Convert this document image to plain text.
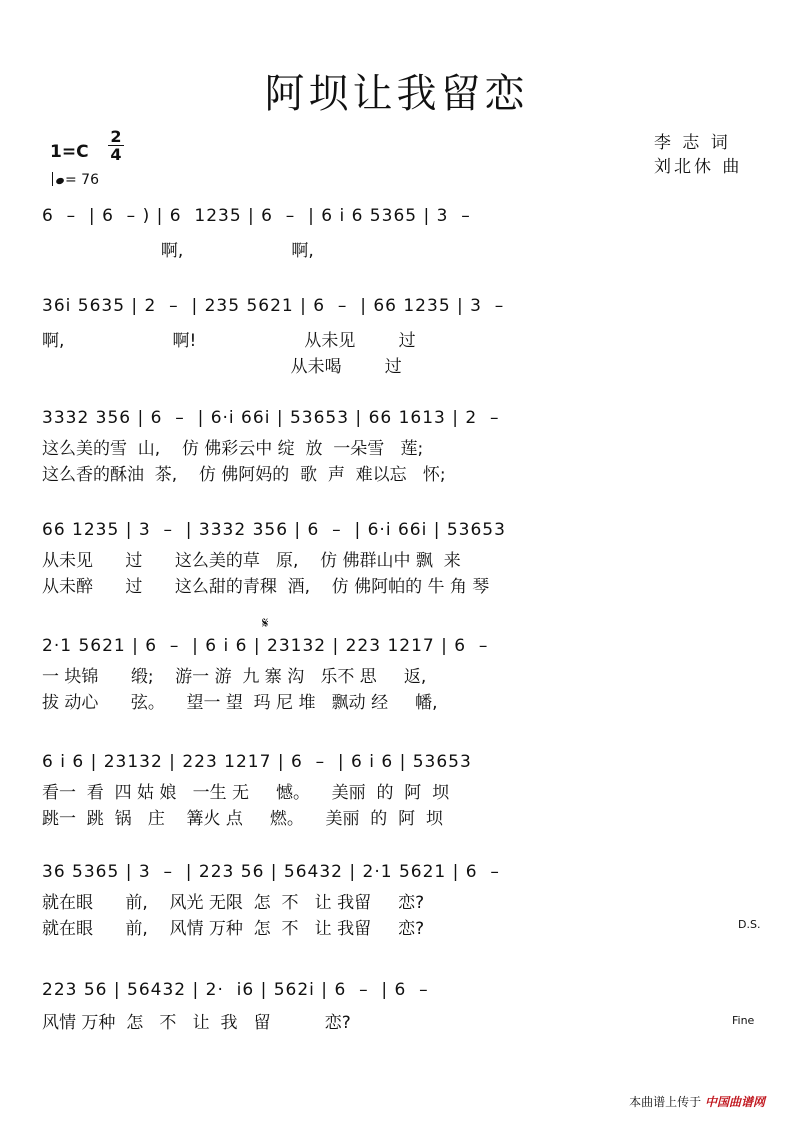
阿坝让我留恋
李 志 词
刘北休 曲
1=C
2
4
= 76
6  –  | 6  – ) | 6  1235 | 6  –  | 6 i 6 5365 | 3  –
啊,                    啊,
36i 5635 | 2  –  | 235 5621 | 6  –  | 66 1235 | 3  –
啊,                    啊!                    从未见        过
从未喝        过
3332 356 | 6  –  | 6·i 66i | 53653 | 66 1613 | 2  –
这么美的雪  山,    仿 佛彩云中 绽  放  一朵雪   莲;
这么香的酥油  茶,    仿 佛阿妈的  歌  声  难以忘   怀;
66 1235 | 3  –  | 3332 356 | 6  –  | 6·i 66i | 53653
从未见      过      这么美的草   原,    仿 佛群山中 飘  来
从未醉      过      这么甜的青稞  酒,    仿 佛阿帕的 牛 角 琴
𝄋
2·1 5621 | 6  –  | 6 i 6 | 23132 | 223 1217 | 6  –
一 块锦      缎;    游一 游  九 寨 沟   乐不 思     返,
拔 动心      弦。    望一 望  玛 尼 堆   飘动 经     幡,
6 i 6 | 23132 | 223 1217 | 6  –  | 6 i 6 | 53653
看一  看  四 姑 娘   一生 无     憾。    美丽  的  阿  坝
跳一  跳  锅   庄    篝火 点     燃。    美丽  的  阿  坝
36 5365 | 3  –  | 223 56 | 56432 | 2·1 5621 | 6  –
就在眼      前,    风光 无限  怎  不   让 我留     恋?
就在眼      前,    风情 万种  怎  不   让 我留     恋?	D.S.
223 56 | 56432 | 2·  i6 | 562i | 6  –  | 6  –
风情 万种  怎   不   让  我   留          恋?	Fine
本曲谱上传于 中国曲谱网
